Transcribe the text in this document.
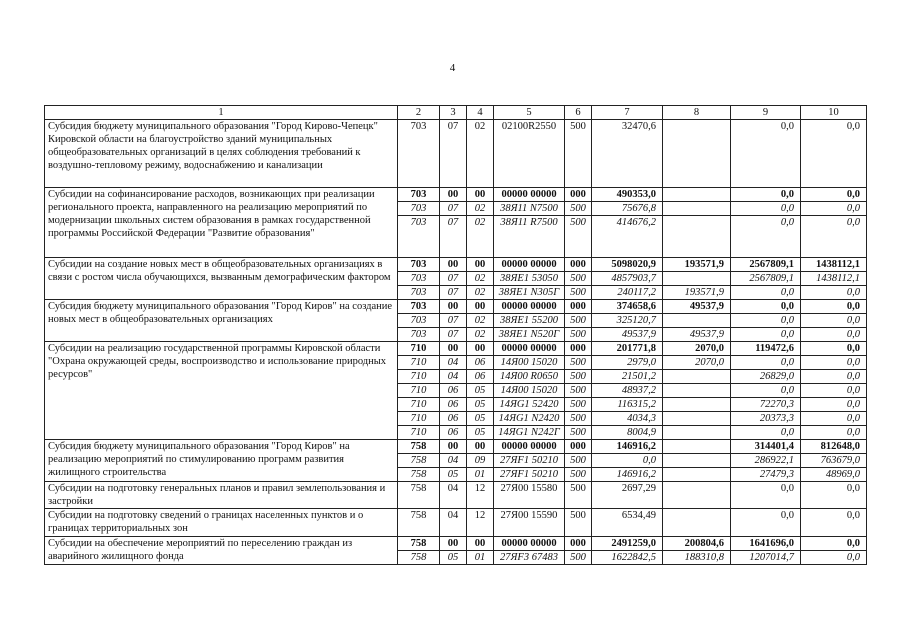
4
1	2	3	4	5	6	7	8	9	10
Субсидия бюджету муниципального образования "Город Кирово-Чепецк" Кировской области на благоустройство зданий муниципальных общеобразовательных организаций в целях соблюдения требований к воздушно-тепловому режиму, водоснабжению и канализации	703	07	02	02100R2550	500	32470,6		0,0	0,0
Субсидии на софинансирование расходов, возникающих при реализации регионального проекта, направленного на реализацию мероприятий по модернизации школьных систем образования в рамках государственной программы Российской Федерации "Развитие образования"	703	00	00	00000 00000	000	490353,0		0,0	0,0
	703	07	02	38Я11 N7500	500	75676,8		0,0	0,0
	703	07	02	38Я11 R7500	500	414676,2		0,0	0,0
Субсидии на создание новых мест в общеобразовательных организациях в связи с ростом числа обучающихся, вызванным демографическим фактором	703	00	00	00000 00000	000	5098020,9	193571,9	2567809,1	1438112,1
	703	07	02	38ЯЕ1 53050	500	4857903,7		2567809,1	1438112,1
	703	07	02	38ЯЕ1 N305Г	500	240117,2	193571,9	0,0	0,0
Субсидия бюджету муниципального образования "Город Киров" на создание новых мест в общеобразовательных организациях	703	00	00	00000 00000	000	374658,6	49537,9	0,0	0,0
	703	07	02	38ЯЕ1 55200	500	325120,7		0,0	0,0
	703	07	02	38ЯЕ1 N520Г	500	49537,9	49537,9	0,0	0,0
Субсидии на реализацию государственной программы Кировской области "Охрана окружающей среды, воспроизводство и использование природных ресурсов"	710	00	00	00000 00000	000	201771,8	2070,0	119472,6	0,0
	710	04	06	14Я00 15020	500	2979,0	2070,0	0,0	0,0
	710	04	06	14Я00 R0650	500	21501,2		26829,0	0,0
	710	06	05	14Я00 15020	500	48937,2		0,0	0,0
	710	06	05	14ЯG1 52420	500	116315,2		72270,3	0,0
	710	06	05	14ЯG1 N2420	500	4034,3		20373,3	0,0
	710	06	05	14ЯG1 N242Г	500	8004,9		0,0	0,0
Субсидия бюджету муниципального образования "Город Киров" на реализацию мероприятий по стимулированию программ развития жилищного строительства	758	00	00	00000 00000	000	146916,2		314401,4	812648,0
	758	04	09	27ЯF1 50210	500	0,0		286922,1	763679,0
	758	05	01	27ЯF1 50210	500	146916,2		27479,3	48969,0
Субсидии на подготовку генеральных планов и правил землепользования и застройки	758	04	12	27Я00 15580	500	2697,29		0,0	0,0
Субсидии на подготовку сведений о границах населенных пунктов и о границах территориальных зон	758	04	12	27Я00 15590	500	6534,49		0,0	0,0
Субсидии на обеспечение мероприятий по переселению граждан из аварийного жилищного фонда	758	00	00	00000 00000	000	2491259,0	200804,6	1641696,0	0,0
	758	05	01	27ЯF3 67483	500	1622842,5	188310,8	1207014,7	0,0
